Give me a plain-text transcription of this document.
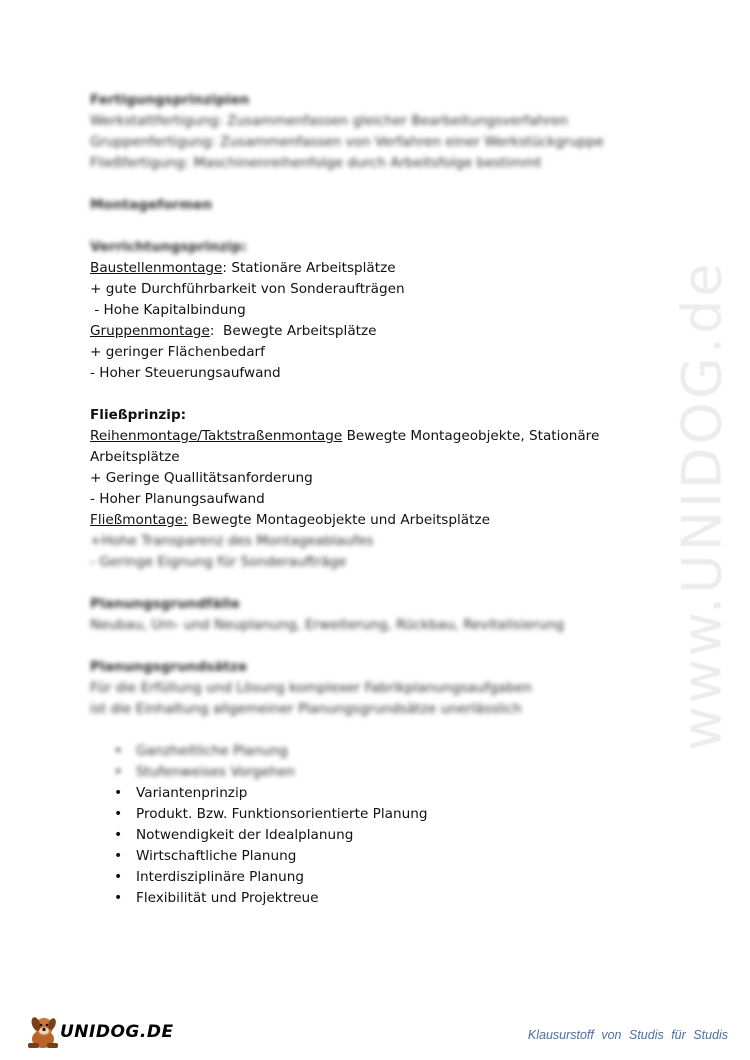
www.UNIDOG.de
Fertigungsprinzipien
Werkstattfertigung: Zusammenfassen gleicher Bearbeitungsverfahren
Gruppenfertigung: Zusammenfassen von Verfahren einer Werkstückgruppe
Fließfertigung: Maschinenreihenfolge durch Arbeitsfolge bestimmt
Montageformen
Verrichtungsprinzip:
Baustellenmontage: Stationäre Arbeitsplätze
+ gute Durchführbarkeit von Sonderaufträgen
- Hohe Kapitalbindung
Gruppenmontage:  Bewegte Arbeitsplätze
+ geringer Flächenbedarf
- Hoher Steuerungsaufwand
Fließprinzip:
Reihenmontage/Taktstraßenmontage Bewegte Montageobjekte, Stationäre Arbeitsplätze
+ Geringe Quallitätsanforderung
- Hoher Planungsaufwand
Fließmontage: Bewegte Montageobjekte und Arbeitsplätze
+Hohe Transparenz des Montageablaufes
- Geringe Eignung für Sonderaufträge
Planungsgrundfälle
Neubau, Um- und Neuplanung, Erweiterung, Rückbau, Revitalisierung
Planungsgrundsätze
Für die Erfüllung und Lösung komplexer Fabrikplanungsaufgaben
ist die Einhaltung allgemeiner Planungsgrundsätze unerlässlich
• Ganzheitliche Planung
• Stufenweises Vorgehen
• Variantenprinzip
• Produkt. Bzw. Funktionsorientierte Planung
• Notwendigkeit der Idealplanung
• Wirtschaftliche Planung
• Interdisziplinäre Planung
• Flexibilität und Projektreue
UNIDOG.DE	Klausurstoff von Studis für Studis
